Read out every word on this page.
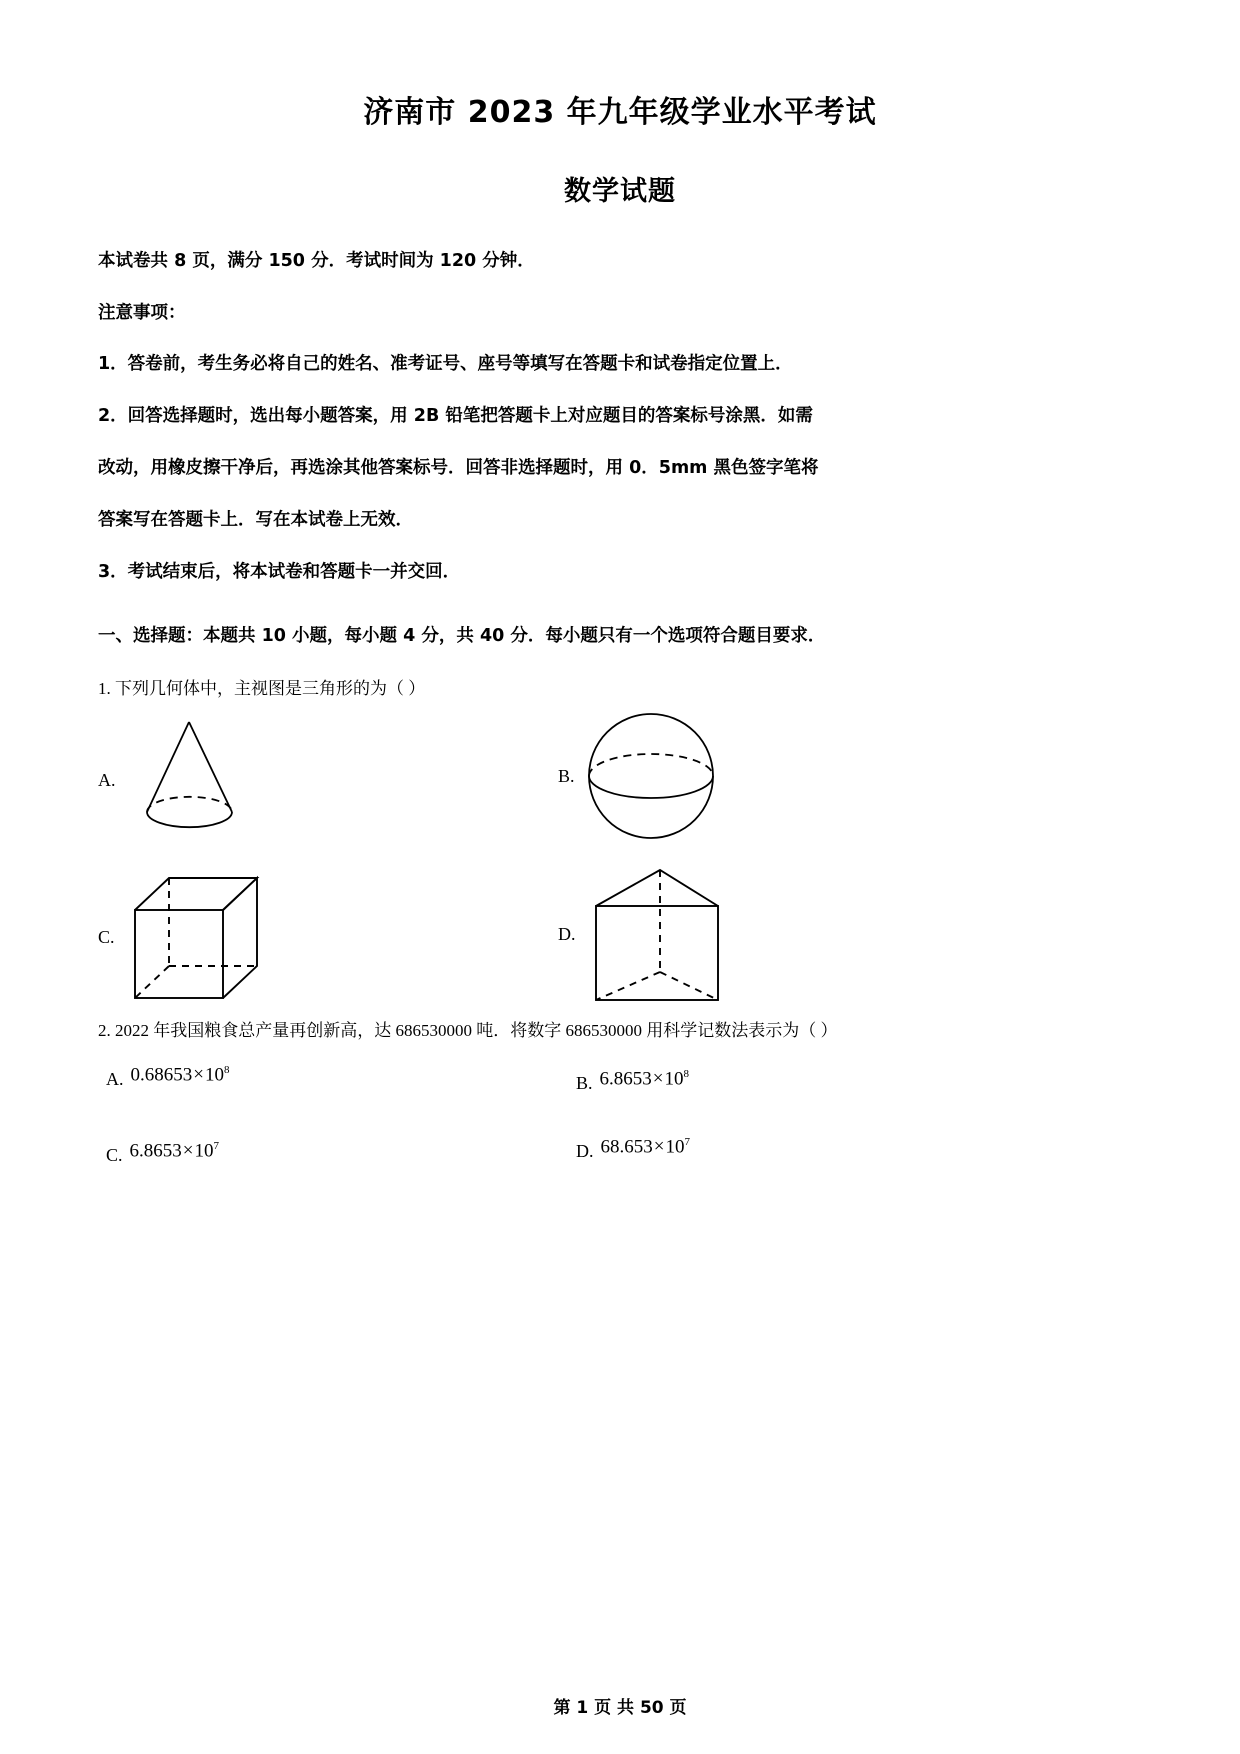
济南市 2023 年九年级学业水平考试
数学试题

本试卷共 8 页，满分 150 分．考试时间为 120 分钟．

注意事项：

1．答卷前，考生务必将自己的姓名、准考证号、座号等填写在答题卡和试卷指定位置上．

2．回答选择题时，选出每小题答案，用 2B 铅笔把答题卡上对应题目的答案标号涂黑．如需

改动，用橡皮擦干净后，再选涂其他答案标号．回答非选择题时，用 0．5mm 黑色签字笔将

答案写在答题卡上．写在本试卷上无效．

3．考试结束后，将本试卷和答题卡一并交回．

一、选择题：本题共 10 小题，每小题 4 分，共 40 分．每小题只有一个选项符合题目要求．

1. 下列几何体中，主视图是三角形的为（ ）

A.	B.
C.	D.

2. 2022 年我国粮食总产量再创新高，达 686530000 吨．将数字 686530000 用科学记数法表示为（ ）

A. $0.68653\times 10^8$
B. $6.8653\times 10^8$
C. $6.8653\times 10^7$	D. $68.653\times 10^7$
第 1 页 共 50 页
